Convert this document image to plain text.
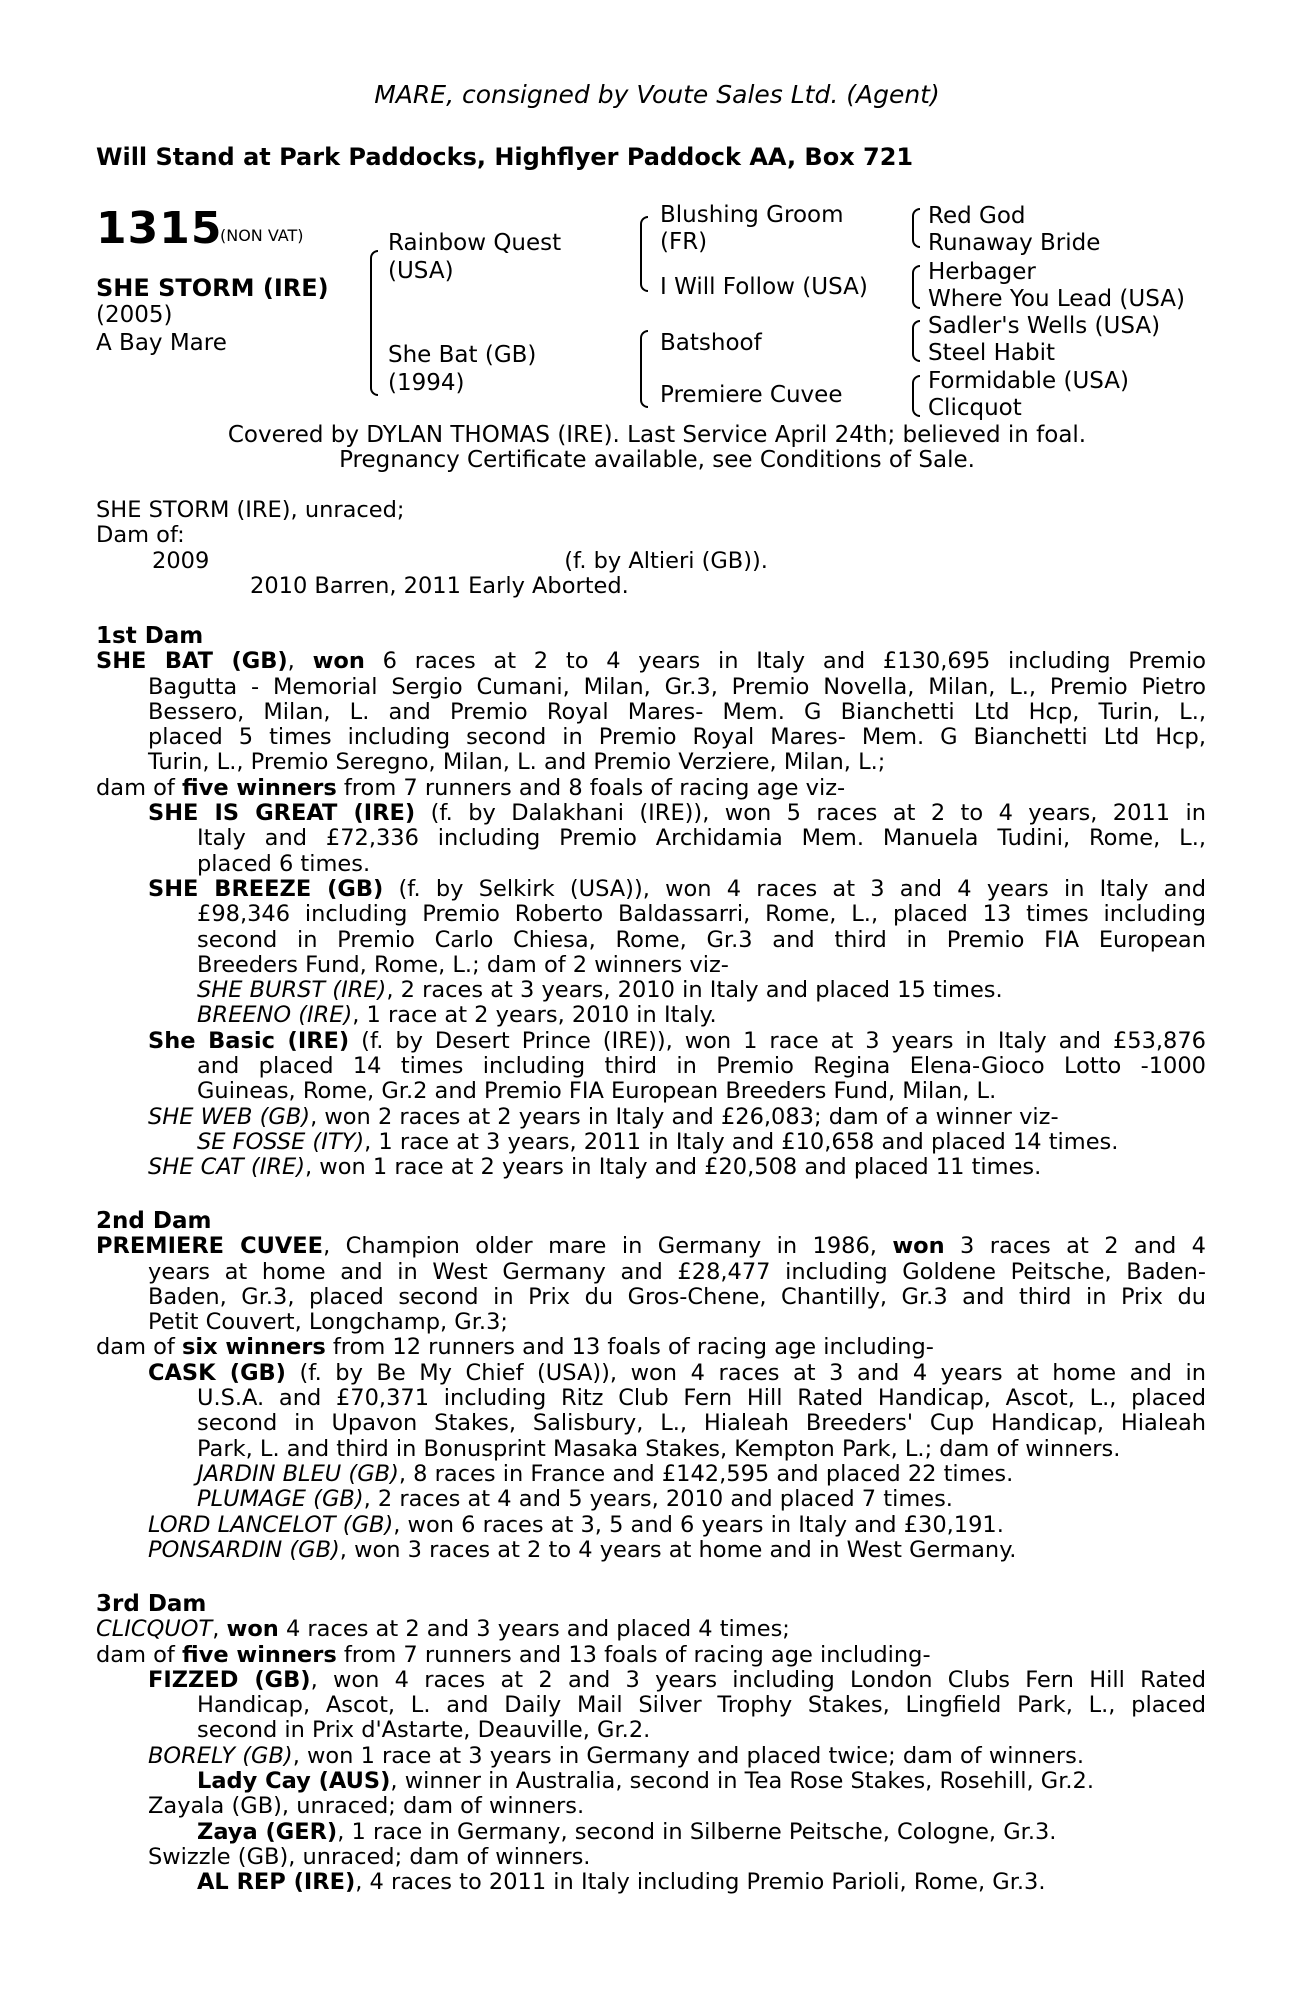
MARE, consigned by Voute Sales Ltd. (Agent)
Will Stand at Park Paddocks, Highflyer Paddock AA, Box 721
1315
(NON VAT)
SHE STORM (IRE)
(2005)
A Bay Mare
Rainbow Quest
(USA)
She Bat (GB)
(1994)
Blushing Groom
(FR)
I Will Follow (USA)
Batshoof
Premiere Cuvee
Red God
Runaway Bride
Herbager
Where You Lead (USA)
Sadler's Wells (USA)
Steel Habit
Formidable (USA)
Clicquot
Covered by DYLAN THOMAS (IRE). Last Service April 24th; believed in foal.
Pregnancy Certificate available, see Conditions of Sale.
SHE STORM (IRE), unraced;
Dam of:
2009	(f. by Altieri (GB)).
2010 Barren, 2011 Early Aborted.
1st Dam
SHE BAT (GB), won 6 races at 2 to 4 years in Italy and £130,695 including Premio
Bagutta - Memorial Sergio Cumani, Milan, Gr.3, Premio Novella, Milan, L., Premio Pietro
Bessero, Milan, L. and Premio Royal Mares- Mem. G Bianchetti Ltd Hcp, Turin, L.,
placed 5 times including second in Premio Royal Mares- Mem. G Bianchetti Ltd Hcp,
Turin, L., Premio Seregno, Milan, L. and Premio Verziere, Milan, L.;
dam of five winners from 7 runners and 8 foals of racing age viz-
SHE IS GREAT (IRE) (f. by Dalakhani (IRE)), won 5 races at 2 to 4 years, 2011 in
Italy and £72,336 including Premio Archidamia Mem. Manuela Tudini, Rome, L.,
placed 6 times.
SHE BREEZE (GB) (f. by Selkirk (USA)), won 4 races at 3 and 4 years in Italy and
£98,346 including Premio Roberto Baldassarri, Rome, L., placed 13 times including
second in Premio Carlo Chiesa, Rome, Gr.3 and third in Premio FIA European
Breeders Fund, Rome, L.; dam of 2 winners viz-
SHE BURST (IRE), 2 races at 3 years, 2010 in Italy and placed 15 times.
BREENO (IRE), 1 race at 2 years, 2010 in Italy.
She Basic (IRE) (f. by Desert Prince (IRE)), won 1 race at 3 years in Italy and £53,876
and placed 14 times including third in Premio Regina Elena-Gioco Lotto -1000
Guineas, Rome, Gr.2 and Premio FIA European Breeders Fund, Milan, L.
SHE WEB (GB), won 2 races at 2 years in Italy and £26,083; dam of a winner viz-
SE FOSSE (ITY), 1 race at 3 years, 2011 in Italy and £10,658 and placed 14 times.
SHE CAT (IRE), won 1 race at 2 years in Italy and £20,508 and placed 11 times.
2nd Dam
PREMIERE CUVEE, Champion older mare in Germany in 1986, won 3 races at 2 and 4
years at home and in West Germany and £28,477 including Goldene Peitsche, Baden-
Baden, Gr.3, placed second in Prix du Gros-Chene, Chantilly, Gr.3 and third in Prix du
Petit Couvert, Longchamp, Gr.3;
dam of six winners from 12 runners and 13 foals of racing age including-
CASK (GB) (f. by Be My Chief (USA)), won 4 races at 3 and 4 years at home and in
U.S.A. and £70,371 including Ritz Club Fern Hill Rated Handicap, Ascot, L., placed
second in Upavon Stakes, Salisbury, L., Hialeah Breeders' Cup Handicap, Hialeah
Park, L. and third in Bonusprint Masaka Stakes, Kempton Park, L.; dam of winners.
JARDIN BLEU (GB), 8 races in France and £142,595 and placed 22 times.
PLUMAGE (GB), 2 races at 4 and 5 years, 2010 and placed 7 times.
LORD LANCELOT (GB), won 6 races at 3, 5 and 6 years in Italy and £30,191.
PONSARDIN (GB), won 3 races at 2 to 4 years at home and in West Germany.
3rd Dam
CLICQUOT, won 4 races at 2 and 3 years and placed 4 times;
dam of five winners from 7 runners and 13 foals of racing age including-
FIZZED (GB), won 4 races at 2 and 3 years including London Clubs Fern Hill Rated
Handicap, Ascot, L. and Daily Mail Silver Trophy Stakes, Lingfield Park, L., placed
second in Prix d'Astarte, Deauville, Gr.2.
BORELY (GB), won 1 race at 3 years in Germany and placed twice; dam of winners.
Lady Cay (AUS), winner in Australia, second in Tea Rose Stakes, Rosehill, Gr.2.
Zayala (GB), unraced; dam of winners.
Zaya (GER), 1 race in Germany, second in Silberne Peitsche, Cologne, Gr.3.
Swizzle (GB), unraced; dam of winners.
AL REP (IRE), 4 races to 2011 in Italy including Premio Parioli, Rome, Gr.3.
